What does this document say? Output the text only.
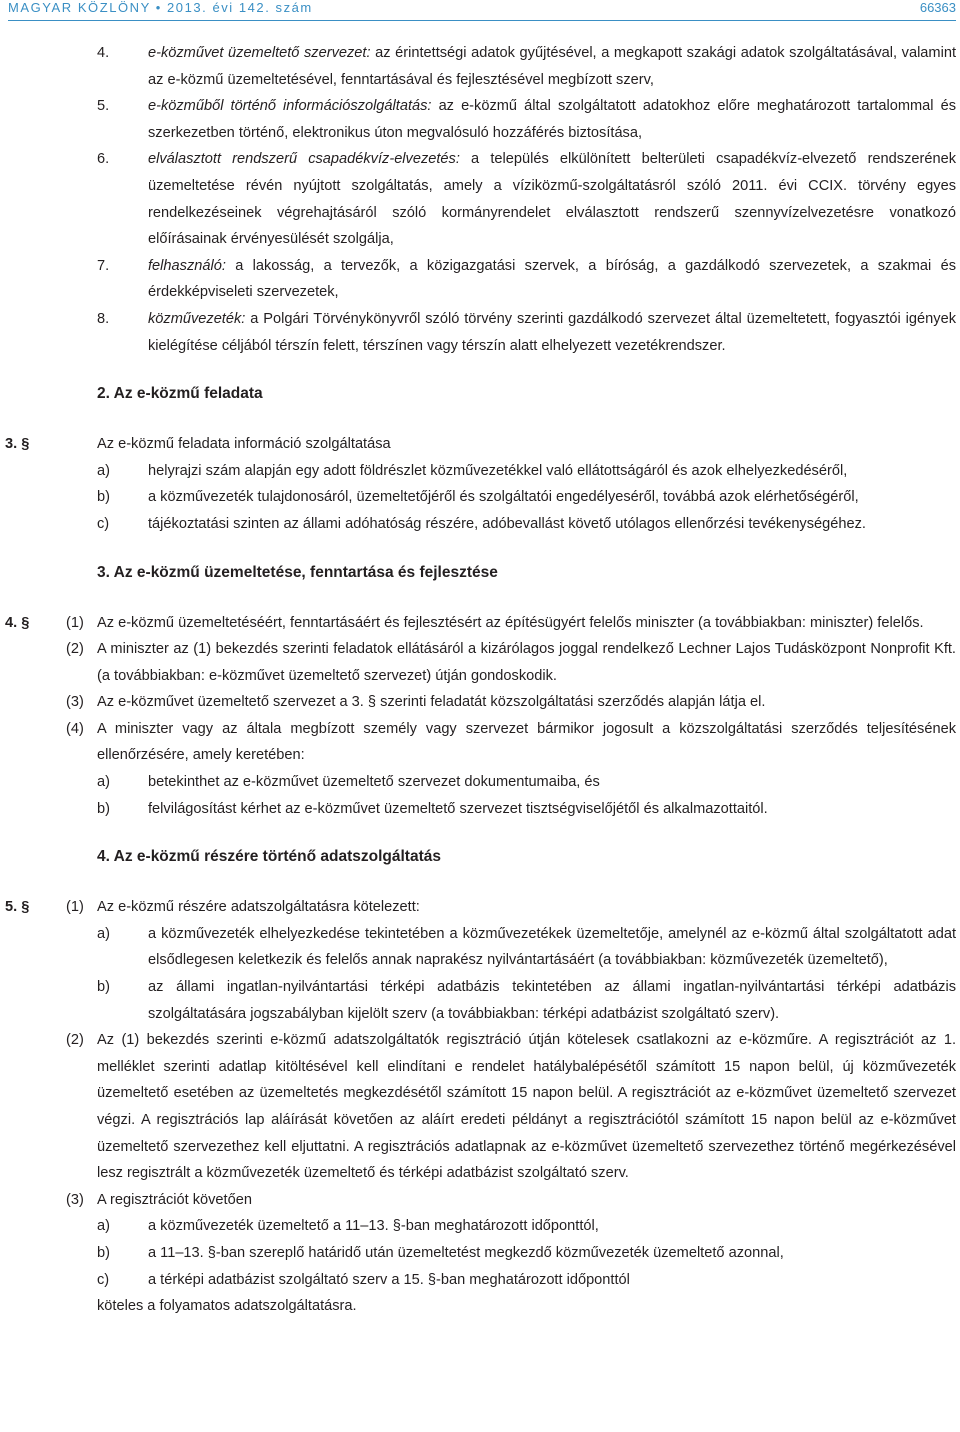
MAGYAR KÖZLÖNY • 2013. évi 142. szám	66363

4.	e-közművet üzemeltető szervezet: az érintettségi adatok gyűjtésével, a megkapott szakági adatok szolgáltatásával, valamint az e-közmű üzemeltetésével, fenntartásával és fejlesztésével megbízott szerv,

5.	e-közműből történő információszolgáltatás: az e-közmű által szolgáltatott adatokhoz előre meghatározott tartalommal és szerkezetben történő, elektronikus úton megvalósuló hozzáférés biztosítása,

6.	elválasztott rendszerű csapadékvíz-elvezetés: a település elkülönített belterületi csapadékvíz-elvezető rendszerének üzemeltetése révén nyújtott szolgáltatás, amely a víziközmű-szolgáltatásról szóló 2011. évi CCIX. törvény egyes rendelkezéseinek végrehajtásáról szóló kormányrendelet elválasztott rendszerű szennyvízelvezetésre vonatkozó előírásainak érvényesülését szolgálja,

7.	felhasználó: a lakosság, a tervezők, a közigazgatási szervek, a bíróság, a gazdálkodó szervezetek, a szakmai és érdekképviseleti szervezetek,

8.	közművezeték: a Polgári Törvénykönyvről szóló törvény szerinti gazdálkodó szervezet által üzemeltetett, fogyasztói igények kielégítése céljából térszín felett, térszínen vagy térszín alatt elhelyezett vezetékrendszer.

2. Az e-közmű feladata

3. §	Az e-közmű feladata információ szolgáltatása

a)	helyrajzi szám alapján egy adott földrészlet közművezetékkel való ellátottságáról és azok elhelyezkedéséről,

b)	a közművezeték tulajdonosáról, üzemeltetőjéről és szolgáltatói engedélyeséről, továbbá azok elérhetőségéről,

c)	tájékoztatási szinten az állami adóhatóság részére, adóbevallást követő utólagos ellenőrzési tevékenységéhez.

3. Az e-közmű üzemeltetése, fenntartása és fejlesztése

4. §	(1) Az e-közmű üzemeltetéséért, fenntartásáért és fejlesztésért az építésügyért felelős miniszter (a továbbiakban: miniszter) felelős.

(2) A miniszter az (1) bekezdés szerinti feladatok ellátásáról a kizárólagos joggal rendelkező Lechner Lajos Tudásközpont Nonprofit Kft. (a továbbiakban: e-közművet üzemeltető szervezet) útján gondoskodik.

(3) Az e-közművet üzemeltető szervezet a 3. § szerinti feladatát közszolgáltatási szerződés alapján látja el.

(4) A miniszter vagy az általa megbízott személy vagy szervezet bármikor jogosult a közszolgáltatási szerződés teljesítésének ellenőrzésére, amely keretében:

a)	betekinthet az e-közművet üzemeltető szervezet dokumentumaiba, és

b)	felvilágosítást kérhet az e-közművet üzemeltető szervezet tisztségviselőjétől és alkalmazottaitól.

4. Az e-közmű részére történő adatszolgáltatás

5. §	(1) Az e-közmű részére adatszolgáltatásra kötelezett:

a)	a közművezeték elhelyezkedése tekintetében a közművezetékek üzemeltetője, amelynél az e-közmű által szolgáltatott adat elsődlegesen keletkezik és felelős annak naprakész nyilvántartásáért (a továbbiakban: közművezeték üzemeltető),

b)	az állami ingatlan-nyilvántartási térképi adatbázis tekintetében az állami ingatlan-nyilvántartási térképi adatbázis szolgáltatására jogszabályban kijelölt szerv (a továbbiakban: térképi adatbázist szolgáltató szerv).

(2) Az (1) bekezdés szerinti e-közmű adatszolgáltatók regisztráció útján kötelesek csatlakozni az e-közműre. A regisztrációt az 1. melléklet szerinti adatlap kitöltésével kell elindítani e rendelet hatálybalépésétől számított 15 napon belül, új közművezeték üzemeltető esetében az üzemeltetés megkezdésétől számított 15 napon belül. A regisztrációt az e-közművet üzemeltető szervezet végzi. A regisztrációs lap aláírását követően az aláírt eredeti példányt a regisztrációtól számított 15 napon belül az e-közművet üzemeltető szervezethez kell eljuttatni. A regisztrációs adatlapnak az e-közművet üzemeltető szervezethez történő megérkezésével lesz regisztrált a közművezeték üzemeltető és térképi adatbázist szolgáltató szerv.

(3) A regisztrációt követően

a)	a közművezeték üzemeltető a 11–13. §-ban meghatározott időponttól,

b)	a 11–13. §-ban szereplő határidő után üzemeltetést megkezdő közművezeték üzemeltető azonnal,

c)	a térképi adatbázist szolgáltató szerv a 15. §-ban meghatározott időponttól

köteles a folyamatos adatszolgáltatásra.
